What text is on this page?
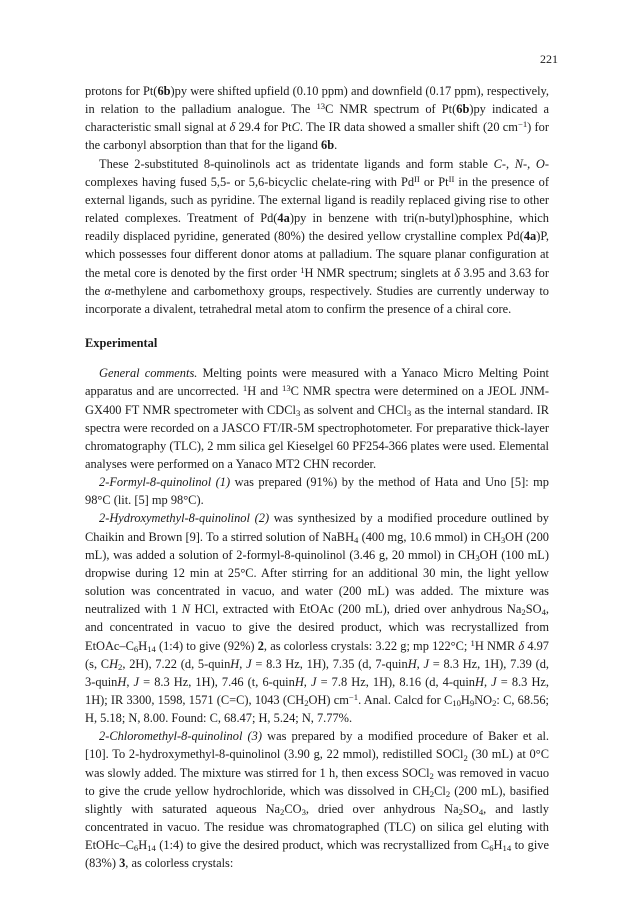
221

protons for Pt(6b)py were shifted upfield (0.10 ppm) and downfield (0.17 ppm), respectively, in relation to the palladium analogue. The $^{13}$C NMR spectrum of Pt(6b)py indicated a characteristic small signal at δ 29.4 for PtC. The IR data showed a smaller shift (20 $cm^{-1}$) for the carbonyl absorption than that for the ligand 6b.

These 2-substituted 8-quinolinols act as tridentate ligands and form stable C-, N-, O-complexes having fused 5,5- or 5,6-bicyclic chelate-ring with $Pd^{II}$ or $Pt^{II}$ in the presence of external ligands, such as pyridine. The external ligand is readily replaced giving rise to other related complexes. Treatment of Pd(4a)py in benzene with tri(n-butyl)phosphine, which readily displaced pyridine, generated (80%) the desired yellow crystalline complex Pd(4a)P, which possesses four different donor atoms at palladium. The square planar configuration at the metal core is denoted by the first order $^1$H NMR spectrum; singlets at δ 3.95 and 3.63 for the α-methylene and carbomethoxy groups, respectively. Studies are currently underway to incorporate a divalent, tetrahedral metal atom to confirm the presence of a chiral core.

Experimental

General comments. Melting points were measured with a Yanaco Micro Melting Point apparatus and are uncorrected. $^1$H and $^{13}$C NMR spectra were determined on a JEOL JNM-GX400 FT NMR spectrometer with CDCl$_3$ as solvent and CHCl$_3$ as the internal standard. IR spectra were recorded on a JASCO FT/IR-5M spectrophotometer. For preparative thick-layer chromatography (TLC), 2 mm silica gel Kieselgel 60 PF254-366 plates were used. Elemental analyses were performed on a Yanaco MT2 CHN recorder.

2-Formyl-8-quinolinol (1) was prepared (91%) by the method of Hata and Uno [5]: mp 98°C (lit. [5] mp 98°C).

2-Hydroxymethyl-8-quinolinol (2) was synthesized by a modified procedure outlined by Chaikin and Brown [9]. To a stirred solution of NaBH$_4$ (400 mg, 10.6 mmol) in $CH_3OH$ (200 mL), was added a solution of 2-formyl-8-quinolinol (3.46 g, 20 mmol) in $CH_3OH$ (100 mL) dropwise during 12 min at 25°C. After stirring for an additional 30 min, the light yellow solution was concentrated in vacuo, and water (200 mL) was added. The mixture was neutralized with 1 N HCl, extracted with EtOAc (200 mL), dried over anhydrous $Na_2SO_4$, and concentrated in vacuo to give the desired product, which was recrystallized from EtOAc–$C_6H_{14}$ (1:4) to give (92%) 2, as colorless crystals: 3.22 g; mp 122°C; $^1$H NMR δ 4.97 (s, $CH_2$, 2H), 7.22 (d, 5-quinH, J = 8.3 Hz, 1H), 7.35 (d, 7-quinH, J = 8.3 Hz, 1H), 7.39 (d, 3-quinH, J = 8.3 Hz, 1H), 7.46 (t, 6-quinH, J = 7.8 Hz, 1H), 8.16 (d, 4-quinH, J = 8.3 Hz, 1H); IR 3300, 1598, 1571 (C=C), 1043 $(CH_2OH)$ $cm^{-1}$. Anal. Calcd for $C_{10}H_9NO_2$: C, 68.56; H, 5.18; N, 8.00. Found: C, 68.47; H, 5.24; N, 7.77%.

2-Chloromethyl-8-quinolinol (3) was prepared by a modified procedure of Baker et al. [10]. To 2-hydroxymethyl-8-quinolinol (3.90 g, 22 mmol), redistilled SOCl$_2$ (30 mL) at 0°C was slowly added. The mixture was stirred for 1 h, then excess SOCl$_2$ was removed in vacuo to give the crude yellow hydrochloride, which was dissolved in $CH_2Cl_2$ (200 mL), basified slightly with saturated aqueous $Na_2CO_3$, dried over anhydrous $Na_2SO_4$, and lastly concentrated in vacuo. The residue was chromatographed (TLC) on silica gel eluting with EtOHc–$C_6H_{14}$ (1:4) to give the desired product, which was recrystallized from $C_6H_{14}$ to give (83%) 3, as colorless crystals:
